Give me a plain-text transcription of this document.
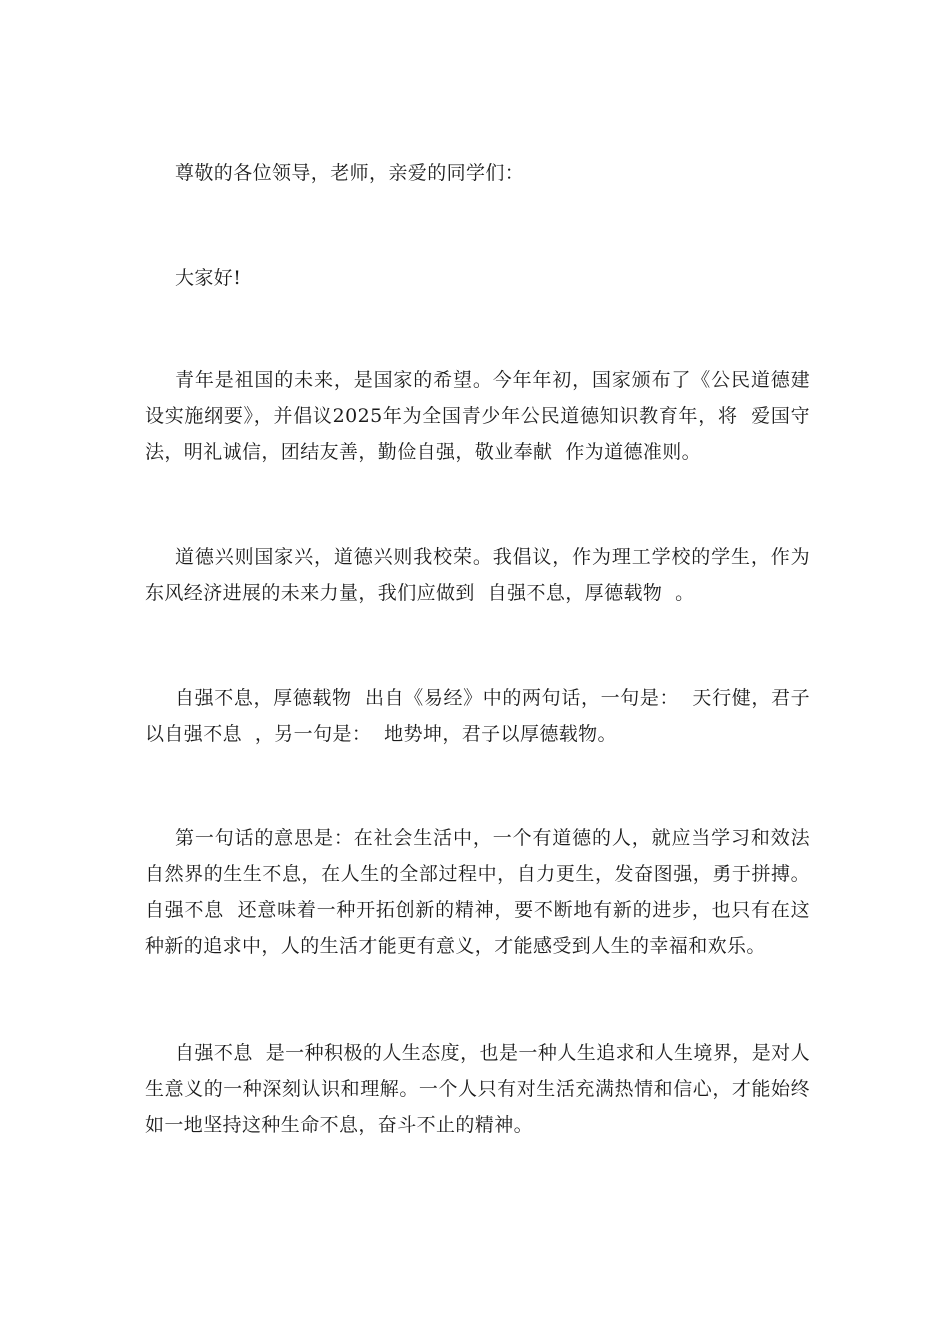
尊敬的各位领导，老师，亲爱的同学们：

大家好!

青年是祖国的未来，是国家的希望。今年年初，国家颁布了《公民道德建设实施纲要》，并倡议2025年为全国青少年公民道德知识教育年，将  爱国守法，明礼诚信，团结友善，勤俭自强，敬业奉献  作为道德准则。

道德兴则国家兴，道德兴则我校荣。我倡议，作为理工学校的学生，作为东风经济进展的未来力量，我们应做到  自强不息，厚德载物  。

自强不息，厚德载物  出自《易经》中的两句话，一句是：  天行健，君子以自强不息  ，另一句是：  地势坤，君子以厚德载物。

第一句话的意思是：在社会生活中，一个有道德的人，就应当学习和效法自然界的生生不息，在人生的全部过程中，自力更生，发奋图强，勇于拼搏。  自强不息  还意味着一种开拓创新的精神，要不断地有新的进步，也只有在这种新的追求中，人的生活才能更有意义，才能感受到人生的幸福和欢乐。

自强不息  是一种积极的人生态度，也是一种人生追求和人生境界，是对人生意义的一种深刻认识和理解。一个人只有对生活充满热情和信心，才能始终如一地坚持这种生命不息，奋斗不止的精神。
